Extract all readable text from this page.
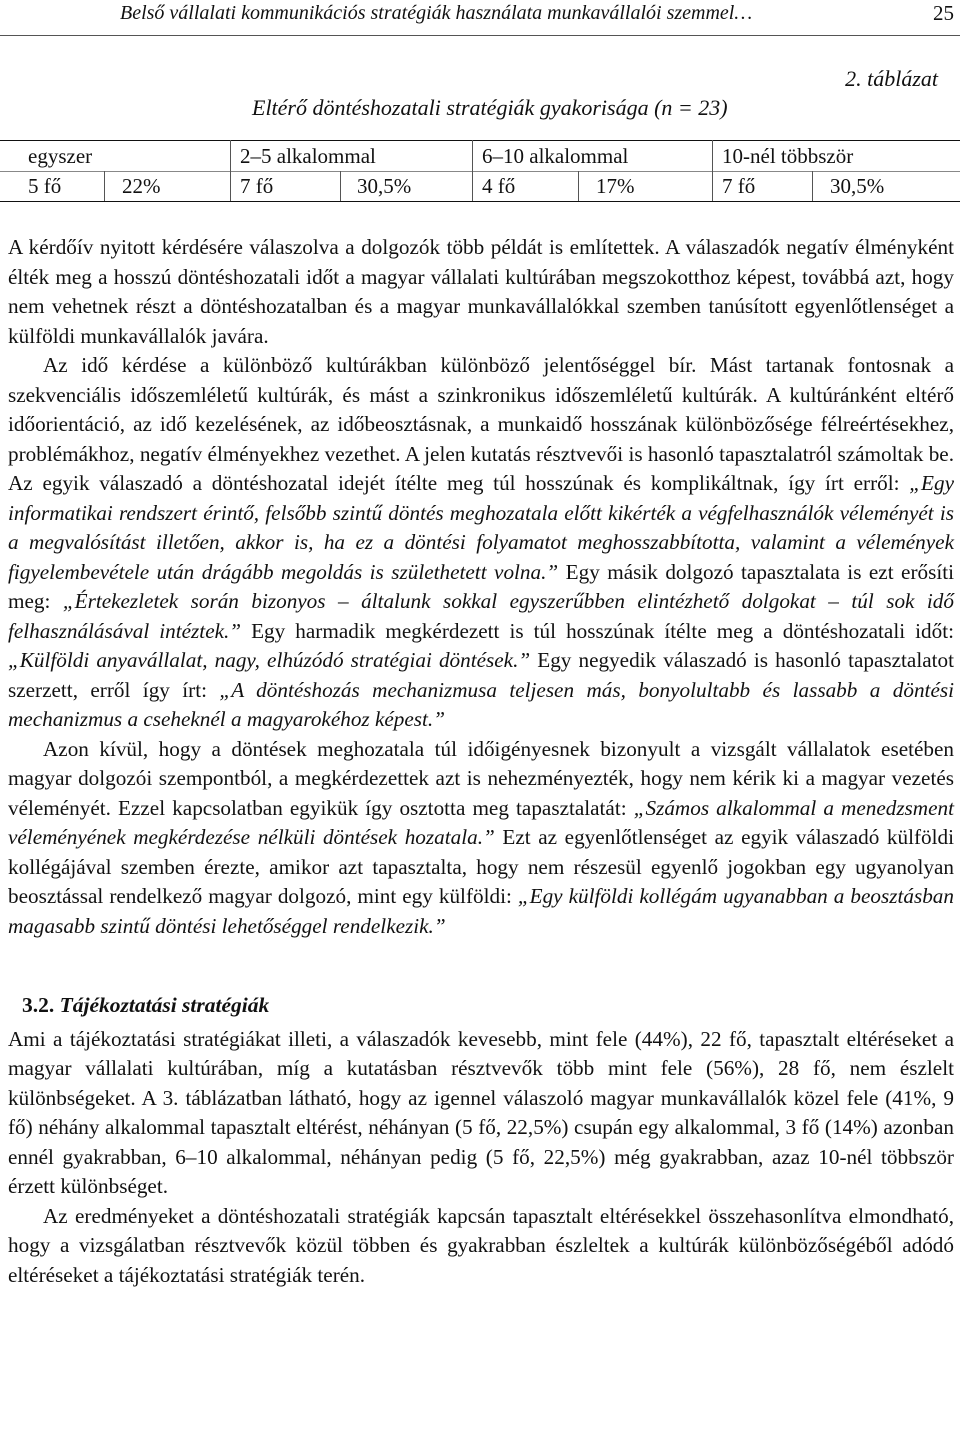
Belső vállalati kommunikációs stratégiák használata munkavállalói szemmel…	25
2. táblázat
Eltérő döntéshozatali stratégiák gyakorisága (n = 23)
egyszer	2–5 alkalommal	6–10 alkalommal	10-nél többször
5 fő	22%	7 fő	30,5%	4 fő	17%	7 fő	30,5%

A kérdőív nyitott kérdésére válaszolva a dolgozók több példát is említettek. A válaszadók negatív élményként élték meg a hosszú döntéshozatali időt a magyar vállalati kultúrában megszokotthoz képest, továbbá azt, hogy nem vehetnek részt a döntéshozatalban és a magyar munkavállalókkal szemben tanúsított egyenlőtlenséget a külföldi munkavállalók javára.

Az idő kérdése a különböző kultúrákban különböző jelentőséggel bír. Mást tartanak fontosnak a szekvenciális időszemléletű kultúrák, és mást a szinkronikus időszemléletű kultúrák. A kultúránként eltérő időorientáció, az idő kezelésének, az időbeosztásnak, a munkaidő hosszának különbözősége félreértésekhez, problémákhoz, negatív élményekhez vezethet. A jelen kutatás résztvevői is hasonló tapasztalatról számoltak be. Az egyik válaszadó a döntéshozatal idejét ítélte meg túl hosszúnak és komplikáltnak, így írt erről: „Egy informatikai rendszert érintő, felsőbb szintű döntés meghozatala előtt kikérték a végfelhasználók véleményét is a megvalósítást illetően, akkor is, ha ez a döntési folyamatot meghosszabbította, valamint a vélemények figyelembevétele után drágább megoldás is születhetett volna.” Egy másik dolgozó tapasztalata is ezt erősíti meg: „Értekezletek során bizonyos – általunk sokkal egyszerűbben elintézhető dolgokat – túl sok idő felhasználásával intéztek.” Egy harmadik megkérdezett is túl hosszúnak ítélte meg a döntéshozatali időt: „Külföldi anyavállalat, nagy, elhúzódó stratégiai döntések.” Egy negyedik válaszadó is hasonló tapasztalatot szerzett, erről így írt: „A döntéshozás mechanizmusa teljesen más, bonyolultabb és lassabb a döntési mechanizmus a cseheknél a magyarokéhoz képest.”

Azon kívül, hogy a döntések meghozatala túl időigényesnek bizonyult a vizsgált vállalatok esetében magyar dolgozói szempontból, a megkérdezettek azt is nehezményezték, hogy nem kérik ki a magyar vezetés véleményét. Ezzel kapcsolatban egyikük így osztotta meg tapasztalatát: „Számos alkalommal a menedzsment véleményének megkérdezése nélküli döntések hozatala.” Ezt az egyenlőtlenséget az egyik válaszadó külföldi kollégájával szemben érezte, amikor azt tapasztalta, hogy nem részesül egyenlő jogokban egy ugyanolyan beosztással rendelkező magyar dolgozó, mint egy külföldi: „Egy külföldi kollégám ugyanabban a beosztásban magasabb szintű döntési lehetőséggel rendelkezik.”

3.2. Tájékoztatási stratégiák

Ami a tájékoztatási stratégiákat illeti, a válaszadók kevesebb, mint fele (44%), 22 fő, tapasztalt eltéréseket a magyar vállalati kultúrában, míg a kutatásban résztvevők több mint fele (56%), 28 fő, nem észlelt különbségeket. A 3. táblázatban látható, hogy az igennel válaszoló magyar munkavállalók közel fele (41%, 9 fő) néhány alkalommal tapasztalt eltérést, néhányan (5 fő, 22,5%) csupán egy alkalommal, 3 fő (14%) azonban ennél gyakrabban, 6–10 alkalommal, néhányan pedig (5 fő, 22,5%) még gyakrabban, azaz 10-nél többször érzett különbséget.

Az eredményeket a döntéshozatali stratégiák kapcsán tapasztalt eltérésekkel összehasonlítva elmondható, hogy a vizsgálatban résztvevők közül többen és gyakrabban észleltek a kultúrák különbözőségéből adódó eltéréseket a tájékoztatási stratégiák terén.
